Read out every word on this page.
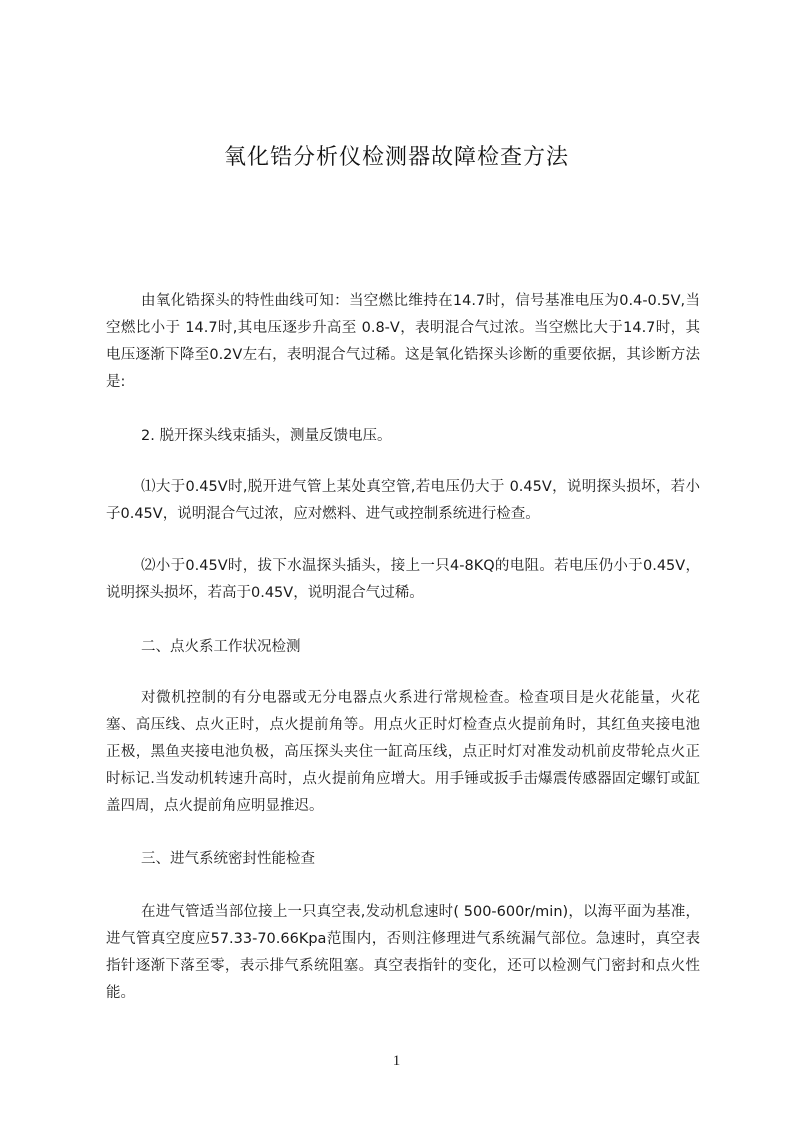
氧化锆分析仪检测器故障检查方法

由氧化锆探头的特性曲线可知：当空燃比维持在14.7时，信号基准电压为0.4-0.5V,当空燃比小于 14.7时,其电压逐步升高至 0.8-V，表明混合气过浓。当空燃比大于14.7时，其电压逐渐下降至0.2V左右，表明混合气过稀。这是氧化锆探头诊断的重要依据，其诊断方法是:

2. 脱开探头线束插头，测量反馈电压。

⑴大于0.45V时,脱开进气管上某处真空管,若电压仍大于 0.45V，说明探头损坏，若小子0.45V，说明混合气过浓，应对燃料、进气或控制系统进行检查。

⑵小于0.45V时，拔下水温探头插头，接上一只4-8KQ的电阻。若电压仍小于0.45V，说明探头损坏，若高于0.45V，说明混合气过稀。

二、点火系工作状况检测

对微机控制的有分电器或无分电器点火系进行常规检查。检查项目是火花能量，火花塞、高压线、点火正时，点火提前角等。用点火正时灯检查点火提前角时，其红鱼夹接电池正极，黑鱼夹接电池负极，高压探头夹住一缸高压线，点正时灯对准发动机前皮带轮点火正时标记.当发动机转速升高时，点火提前角应增大。用手锤或扳手击爆震传感器固定螺钉或缸盖四周，点火提前角应明显推迟。

三、进气系统密封性能检查

在进气管适当部位接上一只真空表,发动机怠速时( 500-600r/min)，以海平面为基准，进气管真空度应57.33-70.66Kpa范围内，否则注修理进气系统漏气部位。急速时，真空表指针逐渐下落至零，表示排气系统阻塞。真空表指针的变化，还可以检测气门密封和点火性能。

1
